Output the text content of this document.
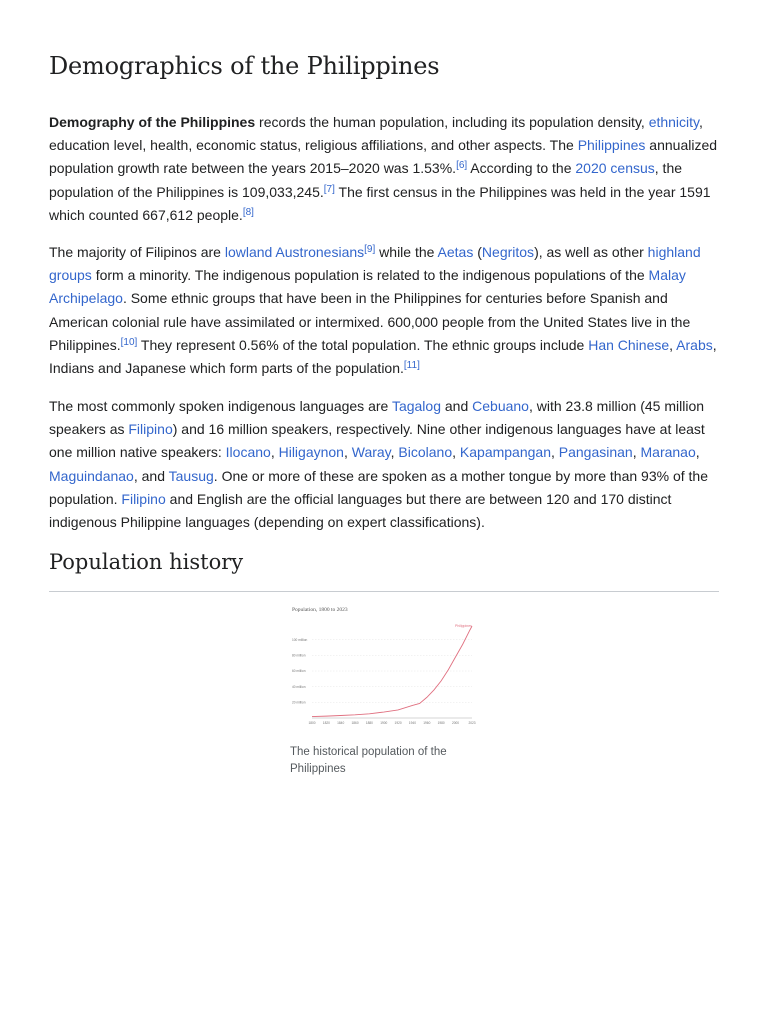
Demographics of the Philippines

Demography of the Philippines records the human population, including its population density, ethnicity, education level, health, economic status, religious affiliations, and other aspects. The Philippines annualized population growth rate between the years 2015–2020 was 1.53%.[6] According to the 2020 census, the population of the Philippines is 109,033,245.[7] The first census in the Philippines was held in the year 1591 which counted 667,612 people.[8]

The majority of Filipinos are lowland Austronesians[9] while the Aetas (Negritos), as well as other highland groups form a minority. The indigenous population is related to the indigenous populations of the Malay Archipelago. Some ethnic groups that have been in the Philippines for centuries before Spanish and American colonial rule have assimilated or intermixed. 600,000 people from the United States live in the Philippines.[10] They represent 0.56% of the total population. The ethnic groups include Han Chinese, Arabs, Indians and Japanese which form parts of the population.[11]

The most commonly spoken indigenous languages are Tagalog and Cebuano, with 23.8 million (45 million speakers as Filipino) and 16 million speakers, respectively. Nine other indigenous languages have at least one million native speakers: Ilocano, Hiligaynon, Waray, Bicolano, Kapampangan, Pangasinan, Maranao, Maguindanao, and Tausug. One or more of these are spoken as a mother tongue by more than 93% of the population. Filipino and English are the official languages but there are between 120 and 170 distinct indigenous Philippine languages (depending on expert classifications).

Population history
Population, 1800 to 2023
20 million
40 million
60 million
80 million
100 million
1800 1820 1840 1860 1880 1900 1920 1940 1960 1980 2000	2023
Philippines

The historical population of the Philippines
